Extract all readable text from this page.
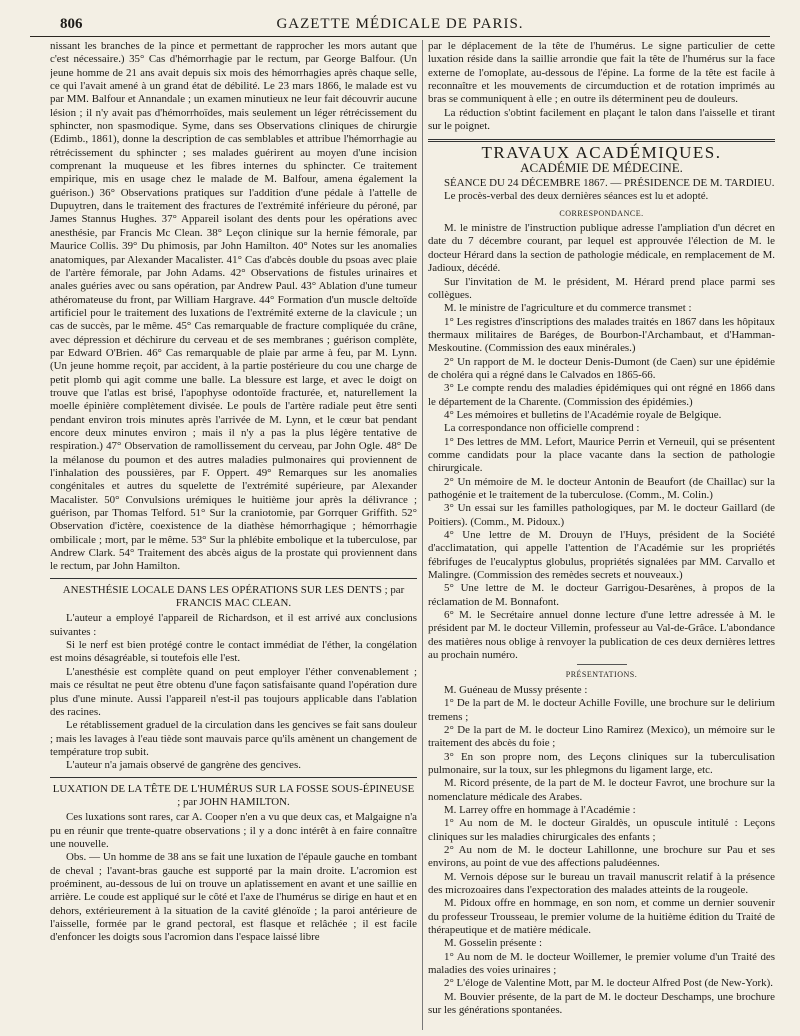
806	GAZETTE MÉDICALE DE PARIS.

nissant les branches de la pince et permettant de rapprocher les mors autant que c'est nécessaire.) 35° Cas d'hémorrhagie par le rectum, par George Balfour. (Un jeune homme de 21 ans avait depuis six mois des hémorrhagies après chaque selle, ce qui l'avait amené à un grand état de débilité. Le 23 mars 1866, le malade est vu par MM. Balfour et Annandale ; un examen minutieux ne leur fait découvrir aucune lésion ; il n'y avait pas d'hémorrhoïdes, mais seulement un léger rétrécissement du sphincter, non spasmodique. Syme, dans ses Observations cliniques de chirurgie (Edimb., 1861), donne la description de cas semblables et attribue l'hémorrhagie au rétrécissement du sphincter ; ses malades guérirent au moyen d'une incision comprenant la muqueuse et les fibres internes du sphincter. Ce traitement empirique, mis en usage chez le malade de M. Balfour, amena également la guérison.) 36° Observations pratiques sur l'addition d'une pédale à l'attelle de Dupuytren, dans le traitement des fractures de l'extrémité inférieure du péroné, par James Stannus Hughes. 37° Appareil isolant des dents pour les opérations avec anesthésie, par Francis Mc Clean. 38° Leçon clinique sur la hernie fémorale, par Maurice Collis. 39° Du phimosis, par John Hamilton. 40° Notes sur les anomalies anatomiques, par Alexander Macalister. 41° Cas d'abcès double du psoas avec plaie de l'artère fémorale, par John Adams. 42° Observations de fistules urinaires et anales guéries avec ou sans opération, par Andrew Paul. 43° Ablation d'une tumeur athéromateuse du front, par William Hargrave. 44° Formation d'un muscle deltoïde artificiel pour le traitement des luxations de l'extrémité externe de la clavicule ; un cas de succès, par le même. 45° Cas remarquable de fracture compliquée du crâne, avec dépression et déchirure du cerveau et de ses membranes ; guérison complète, par Edward O'Brien. 46° Cas remarquable de plaie par arme à feu, par M. Lynn. (Un jeune homme reçoit, par accident, à la partie postérieure du cou une charge de petit plomb qui agit comme une balle. La blessure est large, et avec le doigt on trouve que l'atlas est brisé, l'apophyse odontoïde fracturée, et, naturellement la moelle épinière complètement divisée. Le pouls de l'artère radiale peut être senti pendant environ trois minutes après l'arrivée de M. Lynn, et le cœur bat pendant encore deux minutes environ ; mais il n'y a pas la plus légère tentative de respiration.) 47° Observation de ramollissement du cerveau, par John Ogle. 48° De la mélanose du poumon et des autres maladies pulmonaires qui proviennent de l'inhalation des poussières, par F. Oppert. 49° Remarques sur les anomalies congénitales et autres du squelette de l'extrémité supérieure, par Alexander Macalister. 50° Convulsions urémiques le huitième jour après la délivrance ; guérison, par Thomas Telford. 51° Sur la craniotomie, par Gorrquer Griffith. 52° Observation d'ictère, coexistence de la diathèse hémorrhagique ; hémorrhagie ombilicale ; mort, par le même. 53° Sur la phlébite embolique et la tuberculose, par Andrew Clark. 54° Traitement des abcès aigus de la prostate qui proviennent dans le rectum, par John Hamilton.

ANESTHÉSIE LOCALE DANS LES OPÉRATIONS SUR LES DENTS ; par FRANCIS MAC CLEAN.

L'auteur a employé l'appareil de Richardson, et il est arrivé aux conclusions suivantes :

Si le nerf est bien protégé contre le contact immédiat de l'éther, la congélation est moins désagréable, si toutefois elle l'est.

L'anesthésie est complète quand on peut employer l'éther convenablement ; mais ce résultat ne peut être obtenu d'une façon satisfaisante quand l'opération dure plus d'une minute. Aussi l'appareil n'est-il pas toujours applicable dans l'ablation des racines.

Le rétablissement graduel de la circulation dans les gencives se fait sans douleur ; mais les lavages à l'eau tiède sont mauvais parce qu'ils amènent un changement de température trop subit.

L'auteur n'a jamais observé de gangrène des gencives.

LUXATION DE LA TÊTE DE L'HUMÉRUS SUR LA FOSSE SOUS-ÉPINEUSE ; par JOHN HAMILTON.

Ces luxations sont rares, car A. Cooper n'en a vu que deux cas, et Malgaigne n'a pu en réunir que trente-quatre observations ; il y a donc intérêt à en faire connaître une nouvelle.

Obs. — Un homme de 38 ans se fait une luxation de l'épaule gauche en tombant de cheval ; l'avant-bras gauche est supporté par la main droite. L'acromion est proéminent, au-dessous de lui on trouve un aplatissement en avant et une saillie en arrière. Le coude est appliqué sur le côté et l'axe de l'humérus se dirige en haut et en dehors, extérieurement à la situation de la cavité glénoïde ; la paroi antérieure de l'aisselle, formée par le grand pectoral, est flasque et relâchée ; il est facile d'enfoncer les doigts sous l'acromion dans l'espace laissé libre

par le déplacement de la tête de l'humérus. Le signe particulier de cette luxation réside dans la saillie arrondie que fait la tête de l'humérus sur la face externe de l'omoplate, au-dessous de l'épine. La forme de la tête est facile à reconnaître et les mouvements de circumduction et de rotation imprimés au bras se communiquent à elle ; en outre ils déterminent peu de douleurs.

La réduction s'obtint facilement en plaçant le talon dans l'aisselle et tirant sur le poignet.

TRAVAUX ACADÉMIQUES.

ACADÉMIE DE MÉDECINE.

SÉANCE DU 24 DÉCEMBRE 1867. — PRÉSIDENCE DE M. TARDIEU.

Le procès-verbal des deux dernières séances est lu et adopté.

CORRESPONDANCE.

M. le ministre de l'instruction publique adresse l'ampliation d'un décret en date du 7 décembre courant, par lequel est approuvée l'élection de M. le docteur Hérard dans la section de pathologie médicale, en remplacement de M. Jadioux, décédé.

Sur l'invitation de M. le président, M. Hérard prend place parmi ses collègues.

M. le ministre de l'agriculture et du commerce transmet :

1° Les registres d'inscriptions des malades traités en 1867 dans les hôpitaux thermaux militaires de Baréges, de Bourbon-l'Archambaut, et d'Hamman-Meskoutine. (Commission des eaux minérales.)

2° Un rapport de M. le docteur Denis-Dumont (de Caen) sur une épidémie de choléra qui a régné dans le Calvados en 1865-66.

3° Le compte rendu des maladies épidémiques qui ont régné en 1866 dans le département de la Charente. (Commission des épidémies.)

4° Les mémoires et bulletins de l'Académie royale de Belgique.

La correspondance non officielle comprend :

1° Des lettres de MM. Lefort, Maurice Perrin et Verneuil, qui se présentent comme candidats pour la place vacante dans la section de pathologie chirurgicale.

2° Un mémoire de M. le docteur Antonin de Beaufort (de Chaillac) sur la pathogénie et le traitement de la tuberculose. (Comm., M. Colin.)

3° Un essai sur les familles pathologiques, par M. le docteur Gaillard (de Poitiers). (Comm., M. Pidoux.)

4° Une lettre de M. Drouyn de l'Huys, président de la Société d'acclimatation, qui appelle l'attention de l'Académie sur les propriétés fébrifuges de l'eucalyptus globulus, propriétés signalées par MM. Carvallo et Malingre. (Commission des remèdes secrets et nouveaux.)

5° Une lettre de M. le docteur Garrigou-Desarènes, à propos de la réclamation de M. Bonnafont.

6° M. le Secrétaire annuel donne lecture d'une lettre adressée à M. le président par M. le docteur Villemin, professeur au Val-de-Grâce. L'abondance des matières nous oblige à renvoyer la publication de ces deux dernières lettres au prochain numéro.

PRÉSENTATIONS.

M. Guéneau de Mussy présente :

1° De la part de M. le docteur Achille Foville, une brochure sur le delirium tremens ;

2° De la part de M. le docteur Lino Ramirez (Mexico), un mémoire sur le traitement des abcès du foie ;

3° En son propre nom, des Leçons cliniques sur la tuberculisation pulmonaire, sur la toux, sur les phlegmons du ligament large, etc.

M. Ricord présente, de la part de M. le docteur Favrot, une brochure sur la nomenclature médicale des Arabes.

M. Larrey offre en hommage à l'Académie :

1° Au nom de M. le docteur Giraldès, un opuscule intitulé : Leçons cliniques sur les maladies chirurgicales des enfants ;

2° Au nom de M. le docteur Lahillonne, une brochure sur Pau et ses environs, au point de vue des affections paludéennes.

M. Vernois dépose sur le bureau un travail manuscrit relatif à la présence des microzoaires dans l'expectoration des malades atteints de la rougeole.

M. Pidoux offre en hommage, en son nom, et comme un dernier souvenir du professeur Trousseau, le premier volume de la huitième édition du Traité de thérapeutique et de matière médicale.

M. Gosselin présente :

1° Au nom de M. le docteur Woillemer, le premier volume d'un Traité des maladies des voies urinaires ;

2° L'éloge de Valentine Mott, par M. le docteur Alfred Post (de New-York).

M. Bouvier présente, de la part de M. le docteur Deschamps, une brochure sur les générations spontanées.
